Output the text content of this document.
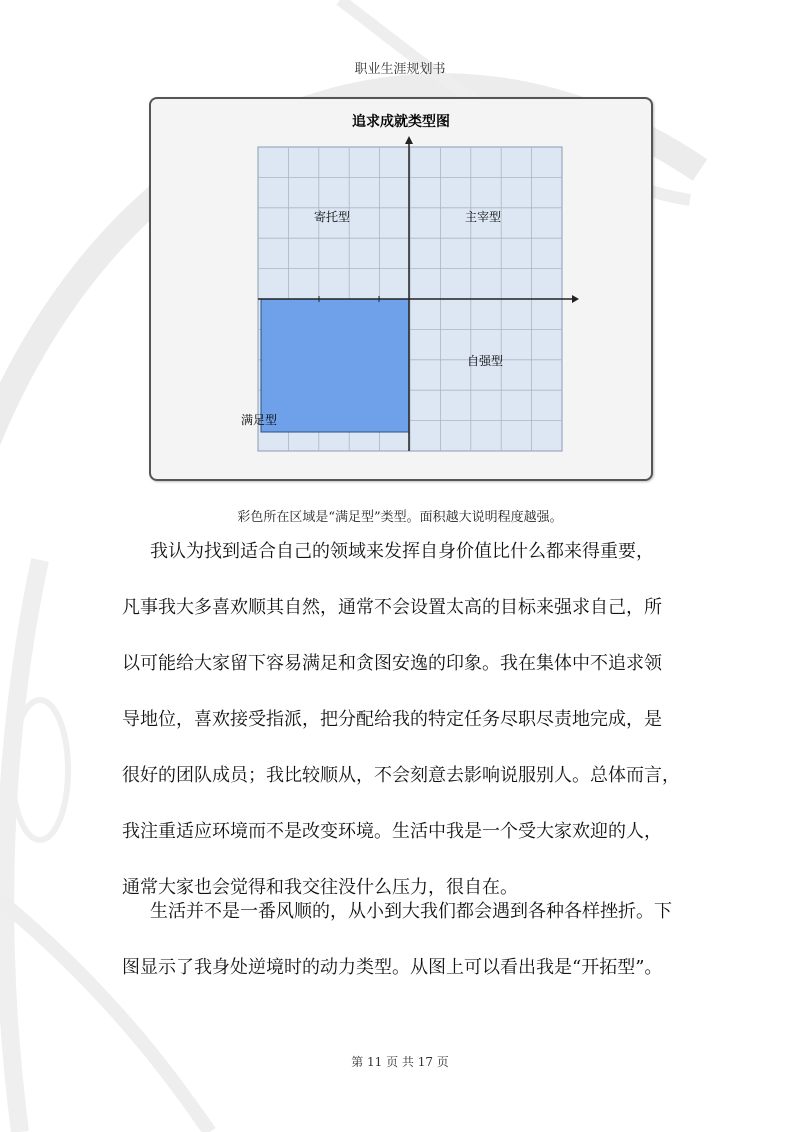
职业生涯规划书
追求成就类型图
寄托型	主宰型
自强型
满足型
彩色所在区域是“满足型”类型。面积越大说明程度越强。
我认为找到适合自己的领域来发挥自身价值比什么都来得重要，
凡事我大多喜欢顺其自然，通常不会设置太高的目标来强求自己，所
以可能给大家留下容易满足和贪图安逸的印象。我在集体中不追求领
导地位，喜欢接受指派，把分配给我的特定任务尽职尽责地完成，是
很好的团队成员；我比较顺从，不会刻意去影响说服别人。总体而言，
我注重适应环境而不是改变环境。生活中我是一个受大家欢迎的人，
通常大家也会觉得和我交往没什么压力，很自在。
生活并不是一番风顺的，从小到大我们都会遇到各种各样挫折。下
图显示了我身处逆境时的动力类型。从图上可以看出我是“开拓型”。
第 11 页 共 17 页
